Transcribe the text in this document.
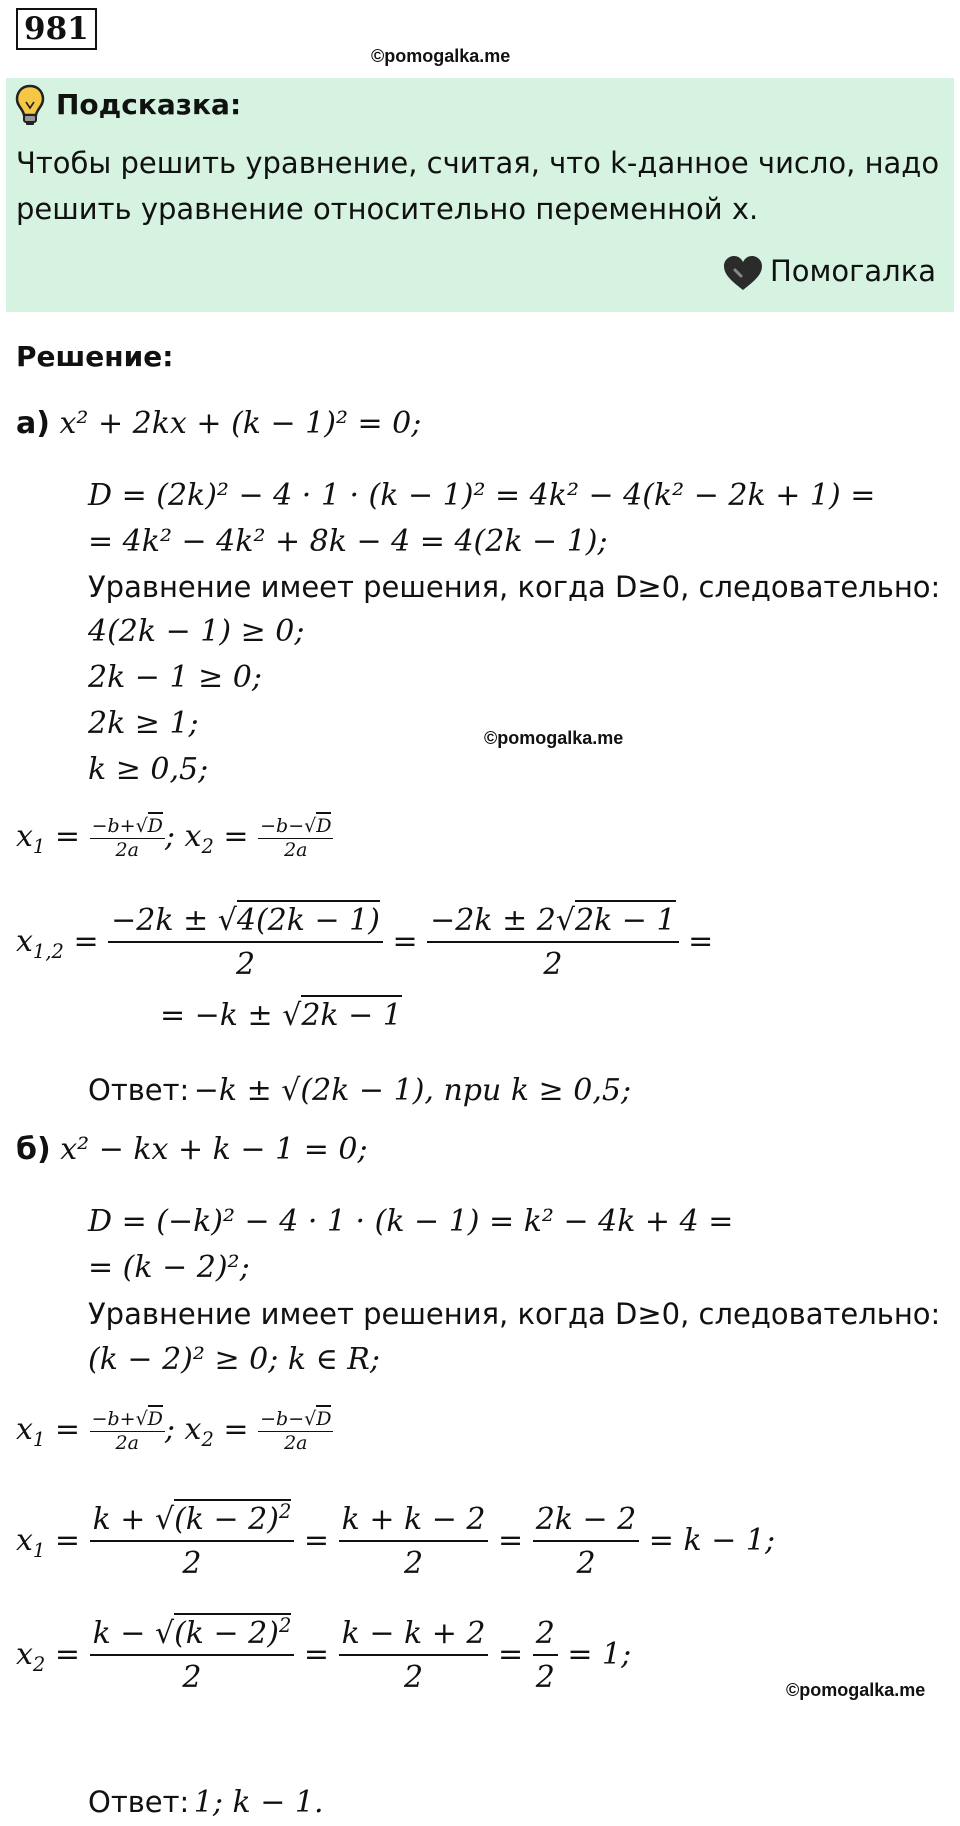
981
©pomogalka.me
Подсказка:
Чтобы решить уравнение, считая, что k-данное число, надо решить уравнение относительно переменной x.
Помогалка
Решение:
а) x² + 2kx + (k − 1)² = 0;
D = (2k)² − 4 · 1 · (k − 1)² = 4k² − 4(k² − 2k + 1) =
= 4k² − 4k² + 8k − 4 = 4(2k − 1);
Уравнение имеет решения, когда D≥0, следовательно:
4(2k − 1) ≥ 0;
2k − 1 ≥ 0;
2k ≥ 1;	©pomogalka.me
k ≥ 0,5;
$x_1 = \frac{-b+√D}{2a}$ ; $x_2 = \frac{-b-√D}{2a}$
$x_{1,2} = \frac{-2k \pm √4(2k - 1)}{2} = \frac{-2k \pm 2√2k - 1}{2}$ =
= −k ± √2k − 1
Ответ: −k ± √(2k − 1), при k ≥ 0,5;
б) x² − kx + k − 1 = 0;
D = (−k)² − 4 · 1 · (k − 1) = k² − 4k + 4 =
= (k − 2)²;
Уравнение имеет решения, когда D≥0, следовательно:
(k − 2)² ≥ 0; k ∈ R;
$x_1 = \frac{-b+√D}{2a}$ ; $x_2 = \frac{-b-√D}{2a}$
$x_1 = \frac{k + √(k - 2)^2}{2} = \frac{k + k - 2}{2} = \frac{2k - 2}{2} = k - 1$;
$x_2 = \frac{k - √(k - 2)^2}{2} = \frac{k - k + 2}{2} = \frac{2}{2} = 1$;
©pomogalka.me
Ответ: 1; k − 1.
